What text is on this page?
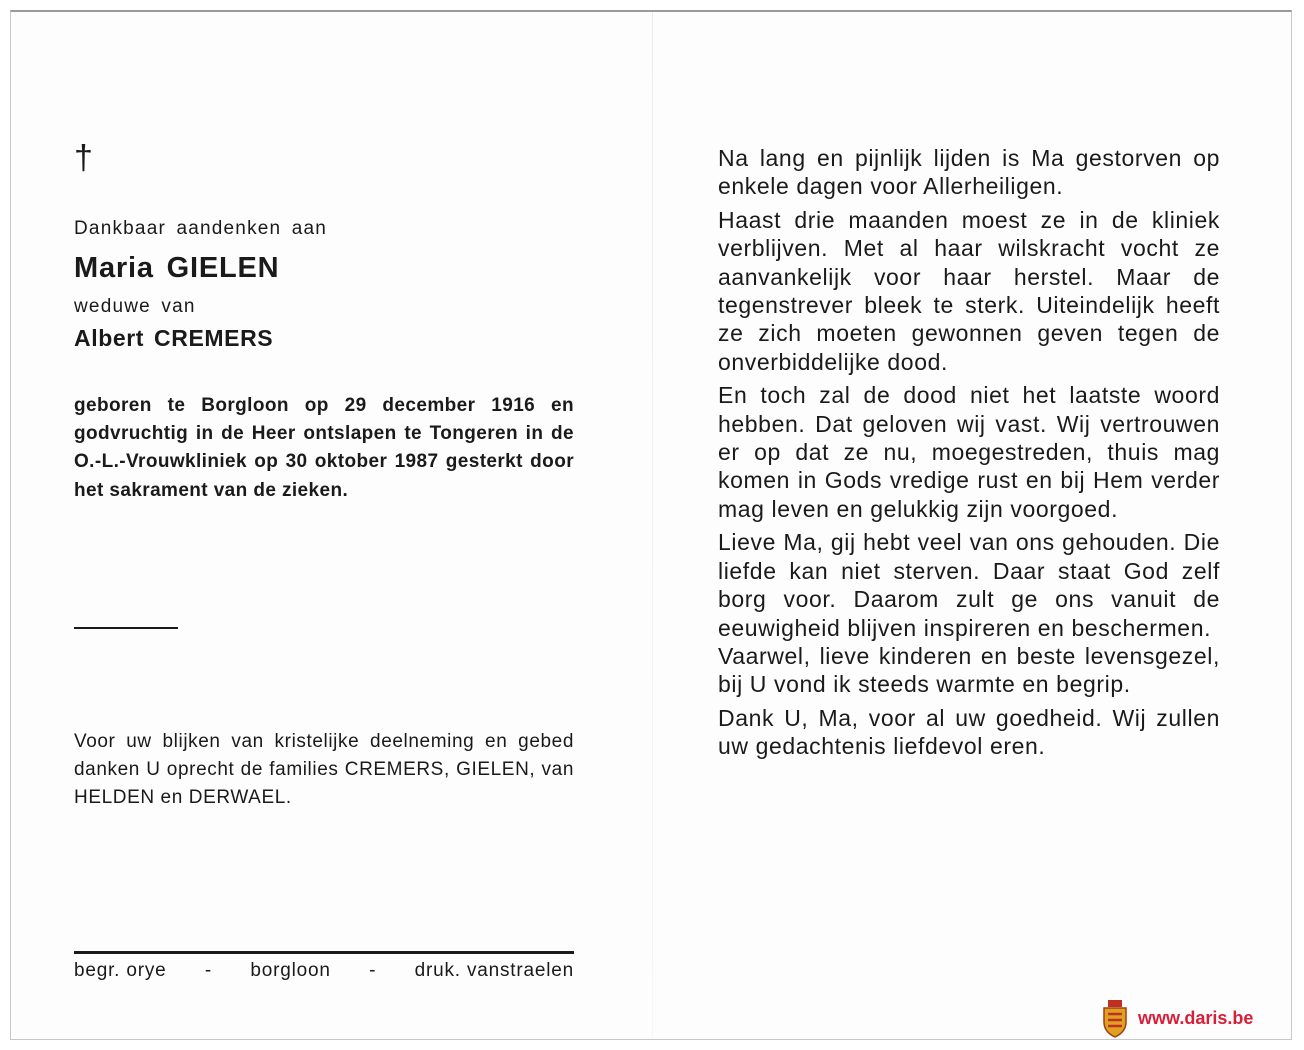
†
Dankbaar aandenken aan
Maria GIELEN
weduwe van
Albert CREMERS

geboren te Borgloon op 29 december 1916 en godvruchtig in de Heer ontslapen te Tongeren in de O.-L.-Vrouwkliniek op 30 oktober 1987 gesterkt door het sakrament van de zieken.

Voor uw blijken van kristelijke deelneming en gebed danken U oprecht de families CREMERS, GIELEN, van HELDEN en DERWAEL.

begr. orye - borgloon - druk. vanstraelen

Na lang en pijnlijk lijden is Ma gestorven op enkele dagen voor Allerheiligen.

Haast drie maanden moest ze in de kliniek verblijven. Met al haar wilskracht vocht ze aanvankelijk voor haar herstel. Maar de tegenstrever bleek te sterk. Uiteindelijk heeft ze zich moeten gewonnen geven tegen de onverbiddelijke dood.

En toch zal de dood niet het laatste woord hebben. Dat geloven wij vast. Wij vertrouwen er op dat ze nu, moegestreden, thuis mag komen in Gods vredige rust en bij Hem verder mag leven en gelukkig zijn voorgoed.

Lieve Ma, gij hebt veel van ons gehouden. Die liefde kan niet sterven. Daar staat God zelf borg voor. Daarom zult ge ons vanuit de eeuwigheid blijven inspireren en beschermen.

Vaarwel, lieve kinderen en beste levensgezel, bij U vond ik steeds warmte en begrip.

Dank U, Ma, voor al uw goedheid. Wij zullen uw gedachtenis liefdevol eren.

www.daris.be
